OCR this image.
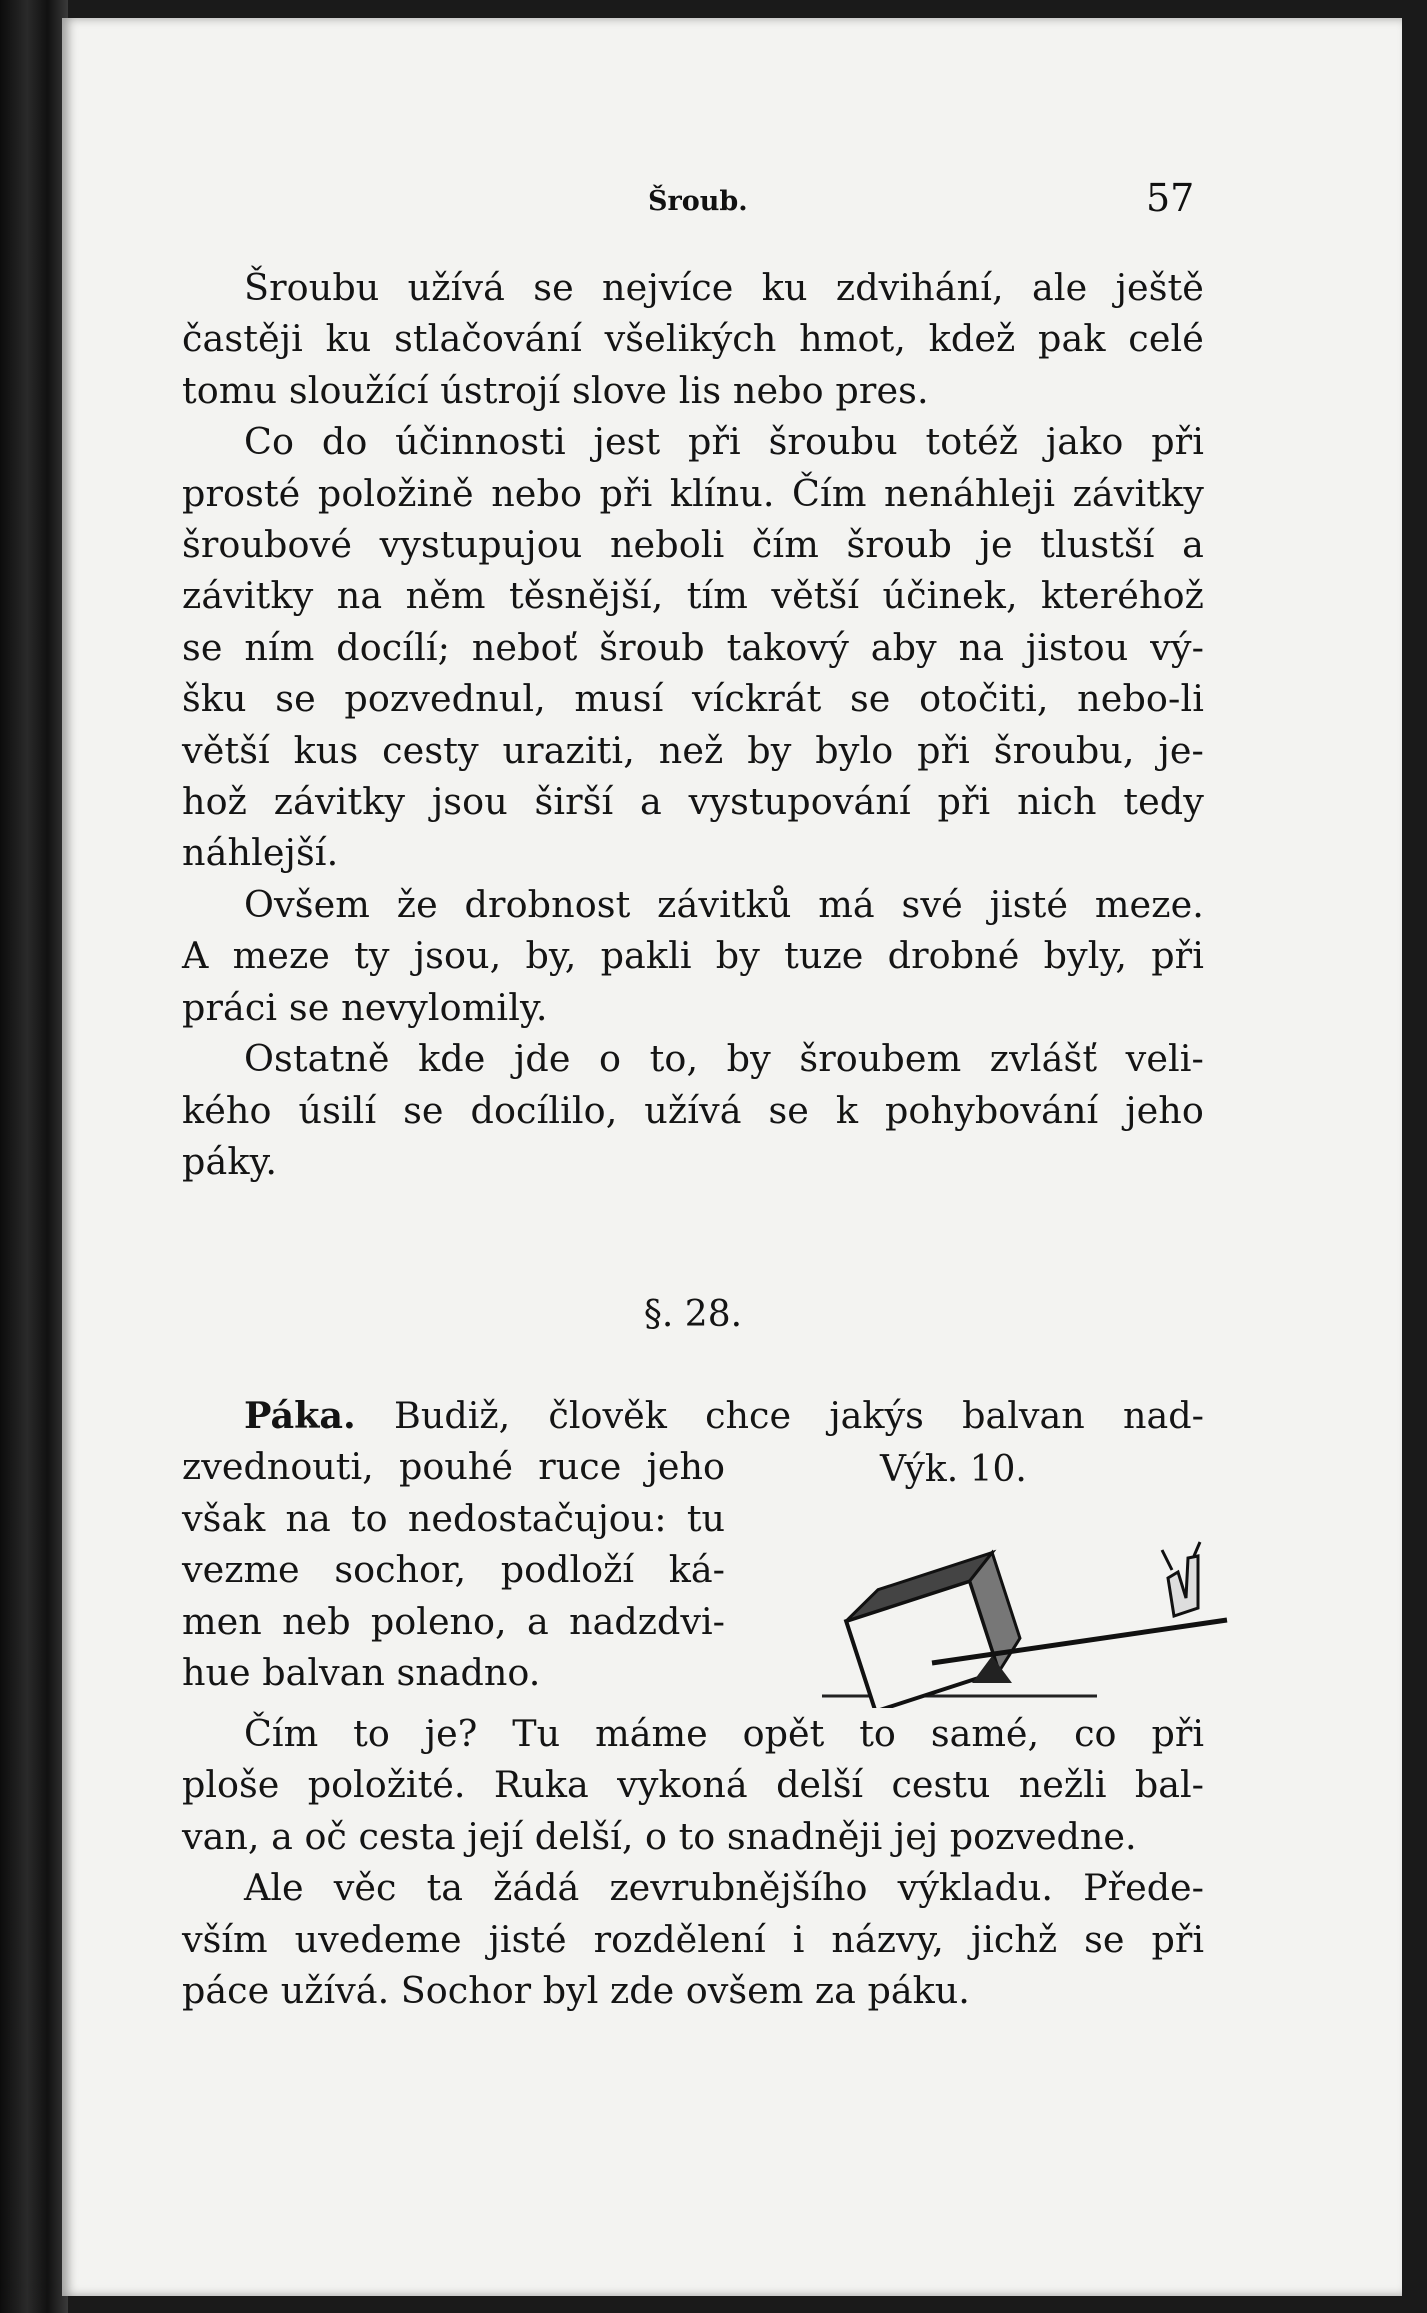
Šroub.	57
Šroubu užívá se nejvíce ku zdvihání, ale ještě
častěji ku stlačování všelikých hmot, kdež pak celé
tomu sloužící ústrojí slove lis nebo pres.
Co do účinnosti jest při šroubu totéž jako při
prosté položině nebo při klínu. Čím nenáhleji závitky
šroubové vystupujou neboli čím šroub je tlustší a
závitky na něm těsnější, tím větší účinek, kteréhož
se ním docílí; neboť šroub takový aby na jistou vý-
šku se pozvednul, musí víckrát se otočiti, nebo-li
větší kus cesty uraziti, než by bylo při šroubu, je-
hož závitky jsou širší a vystupování při nich tedy
náhlejší.
Ovšem že drobnost závitků má své jisté meze.
A meze ty jsou, by, pakli by tuze drobné byly, při
práci se nevylomily.
Ostatně kde jde o to, by šroubem zvlášť veli-
kého úsilí se docílilo, užívá se k pohybování jeho
páky.
§. 28.
Páka. Budiž, člověk chce jakýs balvan nad-
zvednouti, pouhé ruce jeho
však na to nedostačujou: tu
vezme sochor, podloží ká-
men neb poleno, a nadzdvi-
hue balvan snadno.
Výk. 10.
Čím to je? Tu máme opět to samé, co při
ploše položité. Ruka vykoná delší cestu nežli bal-
van, a oč cesta její delší, o to snadněji jej pozvedne.
Ale věc ta žádá zevrubnějšího výkladu. Přede-
vším uvedeme jisté rozdělení i názvy, jichž se při
páce užívá. Sochor byl zde ovšem za páku.
